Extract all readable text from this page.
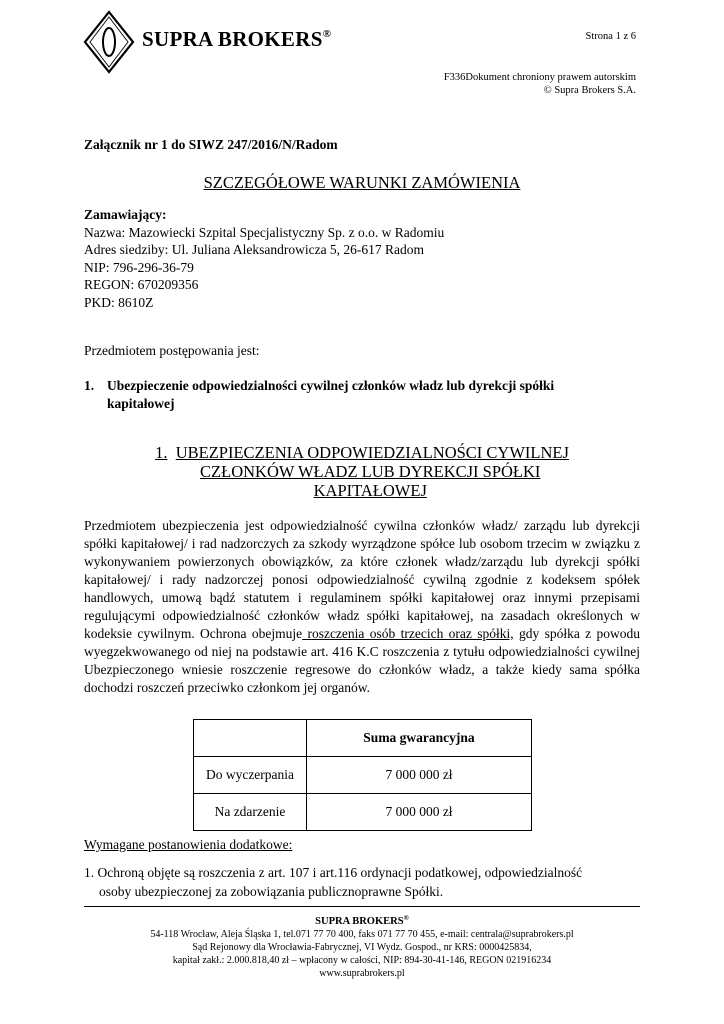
SUPRA BROKERS®	Strona 1 z 6
F336Dokument chroniony prawem autorskim
© Supra Brokers S.A.
Załącznik nr 1 do SIWZ 247/2016/N/Radom
SZCZEGÓŁOWE WARUNKI ZAMÓWIENIA
Zamawiający:
Nazwa: Mazowiecki Szpital Specjalistyczny Sp. z o.o. w Radomiu
Adres siedziby: Ul. Juliana Aleksandrowicza 5, 26-617 Radom
NIP: 796-296-36-79
REGON: 670209356
PKD: 8610Z
Przedmiotem postępowania jest:
1. Ubezpieczenie odpowiedzialności cywilnej członków władz lub dyrekcji spółki
kapitałowej
1. UBEZPIECZENIA ODPOWIEDZIALNOŚCI CYWILNEJ
CZŁONKÓW WŁADZ LUB DYREKCJI SPÓŁKI
KAPITAŁOWEJ
Przedmiotem ubezpieczenia jest odpowiedzialność cywilna członków władz/ zarządu lub dyrekcji spółki kapitałowej/ i rad nadzorczych za szkody wyrządzone spółce lub osobom trzecim w związku z wykonywaniem powierzonych obowiązków, za które członek władz/zarządu lub dyrekcji spółki kapitałowej/ i rady nadzorczej ponosi odpowiedzialność cywilną zgodnie z kodeksem spółek handlowych, umową bądź statutem i regulaminem spółki kapitałowej oraz innymi przepisami regulującymi odpowiedzialność członków władz spółki kapitałowej, na zasadach określonych w kodeksie cywilnym. Ochrona obejmuje roszczenia osób trzecich oraz spółki, gdy spółka z powodu wyegzekwowanego od niej na podstawie art. 416 K.C roszczenia z tytułu odpowiedzialności cywilnej Ubezpieczonego wniesie roszczenie regresowe do członków władz, a także kiedy sama spółka dochodzi roszczeń przeciwko członkom jej organów.
	Suma gwarancyjna
Do wyczerpania	7 000 000 zł
Na zdarzenie	7 000 000 zł
Wymagane postanowienia dodatkowe:
1. Ochroną objęte są roszczenia z art. 107 i art.116 ordynacji podatkowej, odpowiedzialność
osoby ubezpieczonej za zobowiązania publicznoprawne Spółki.
SUPRA BROKERS®
54-118 Wrocław, Aleja Śląska 1, tel.071 77 70 400, faks 071 77 70 455, e-mail: centrala@suprabrokers.pl
Sąd Rejonowy dla Wrocławia-Fabrycznej, VI Wydz. Gospod., nr KRS: 0000425834,
kapitał zakł.: 2.000.818,40 zł – wpłacony w całości, NIP: 894-30-41-146, REGON 021916234
www.suprabrokers.pl
